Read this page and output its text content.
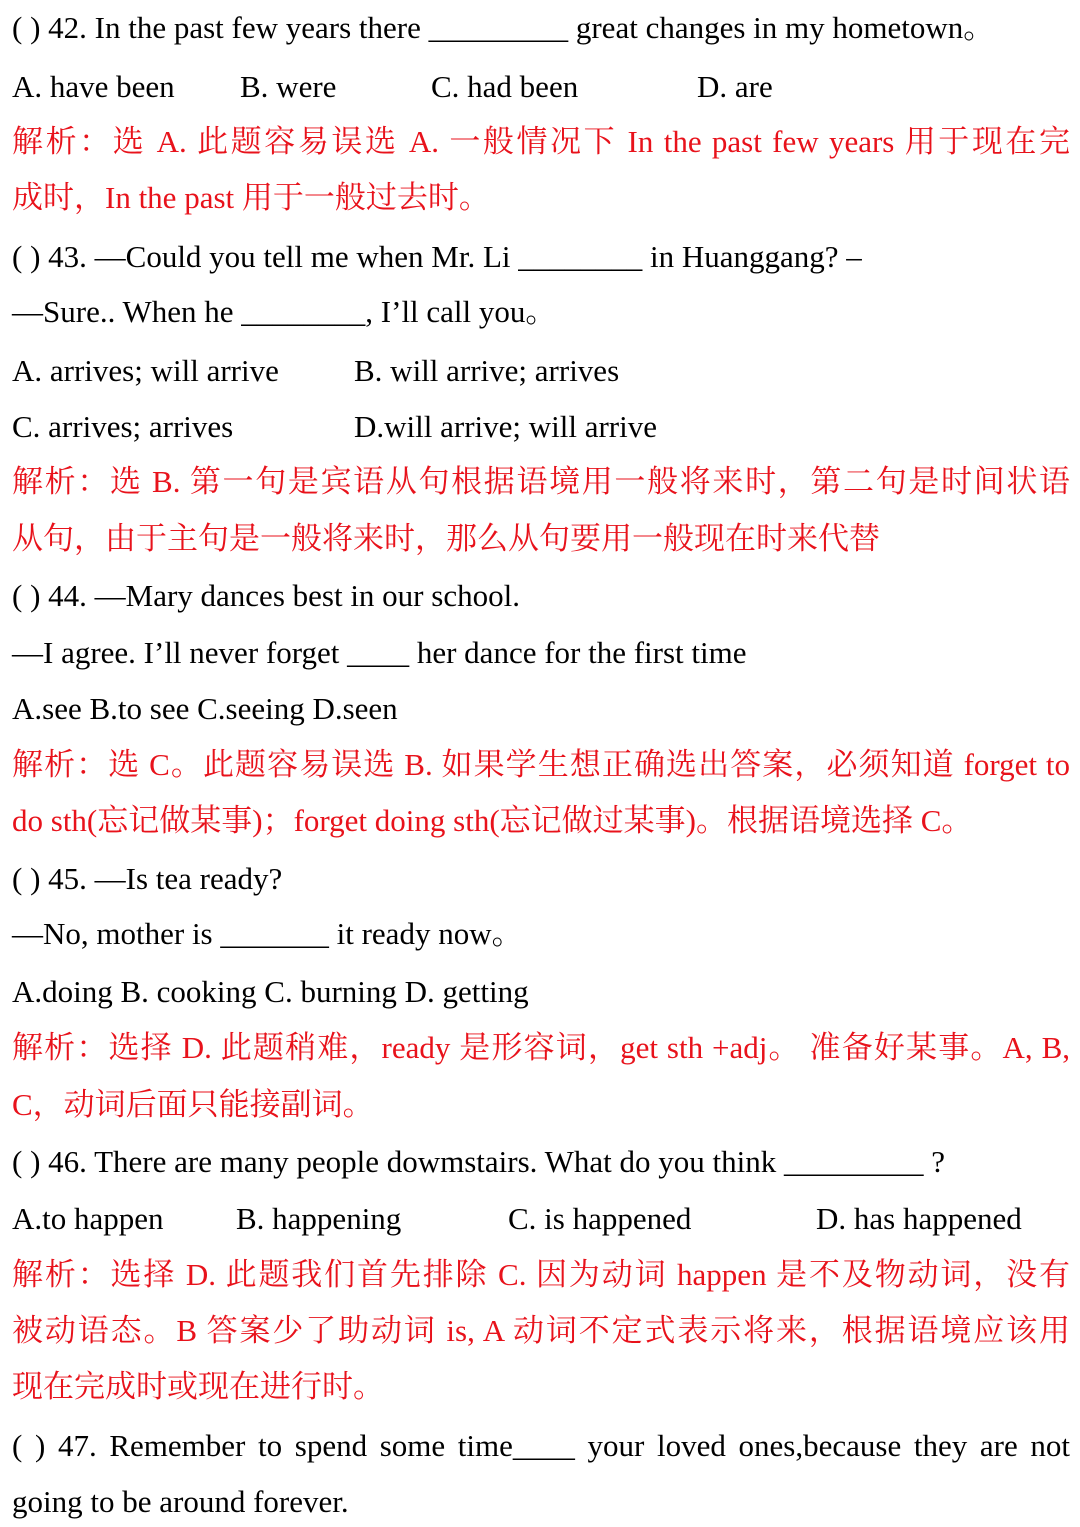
( ) 42. In the past few years there _________ great changes in my hometown。
A. have been B. were	C. had been	D. are
解析：选 A. 此题容易误选 A. 一般情况下 In the past few years 用于现在完
成时，In the past 用于一般过去时。
( ) 43. —Could you tell me when Mr. Li ________ in Huanggang? –
—Sure.. When he ________, I’ll call you。
A. arrives; will arrive B. will arrive; arrives
C. arrives; arrives	D.will arrive; will arrive
解析：选 B. 第一句是宾语从句根据语境用一般将来时，第二句是时间状语
从句，由于主句是一般将来时，那么从句要用一般现在时来代替
( ) 44. —Mary dances best in our school.
—I agree. I’ll never forget ____ her dance for the first time
A.see B.to see C.seeing D.seen
解析：选 C。此题容易误选 B. 如果学生想正确选出答案，必须知道 forget to
do sth(忘记做某事)；forget doing sth(忘记做过某事)。根据语境选择 C。
( ) 45. —Is tea ready?
—No, mother is _______ it ready now。
A.doing B. cooking C. burning D. getting
解析：选择 D. 此题稍难，ready 是形容词，get sth +adj。 准备好某事。A, B,
C，动词后面只能接副词。
( ) 46. There are many people dowmstairs. What do you think _________ ?
A.to happen B. happening	C. is happened	D. has happened
解析：选择 D. 此题我们首先排除 C. 因为动词 happen 是不及物动词，没有
被动语态。B 答案少了助动词 is, A 动词不定式表示将来，根据语境应该用
现在完成时或现在进行时。
( ) 47. Remember to spend some time____ your loved ones,because they are not
going to be around forever.
